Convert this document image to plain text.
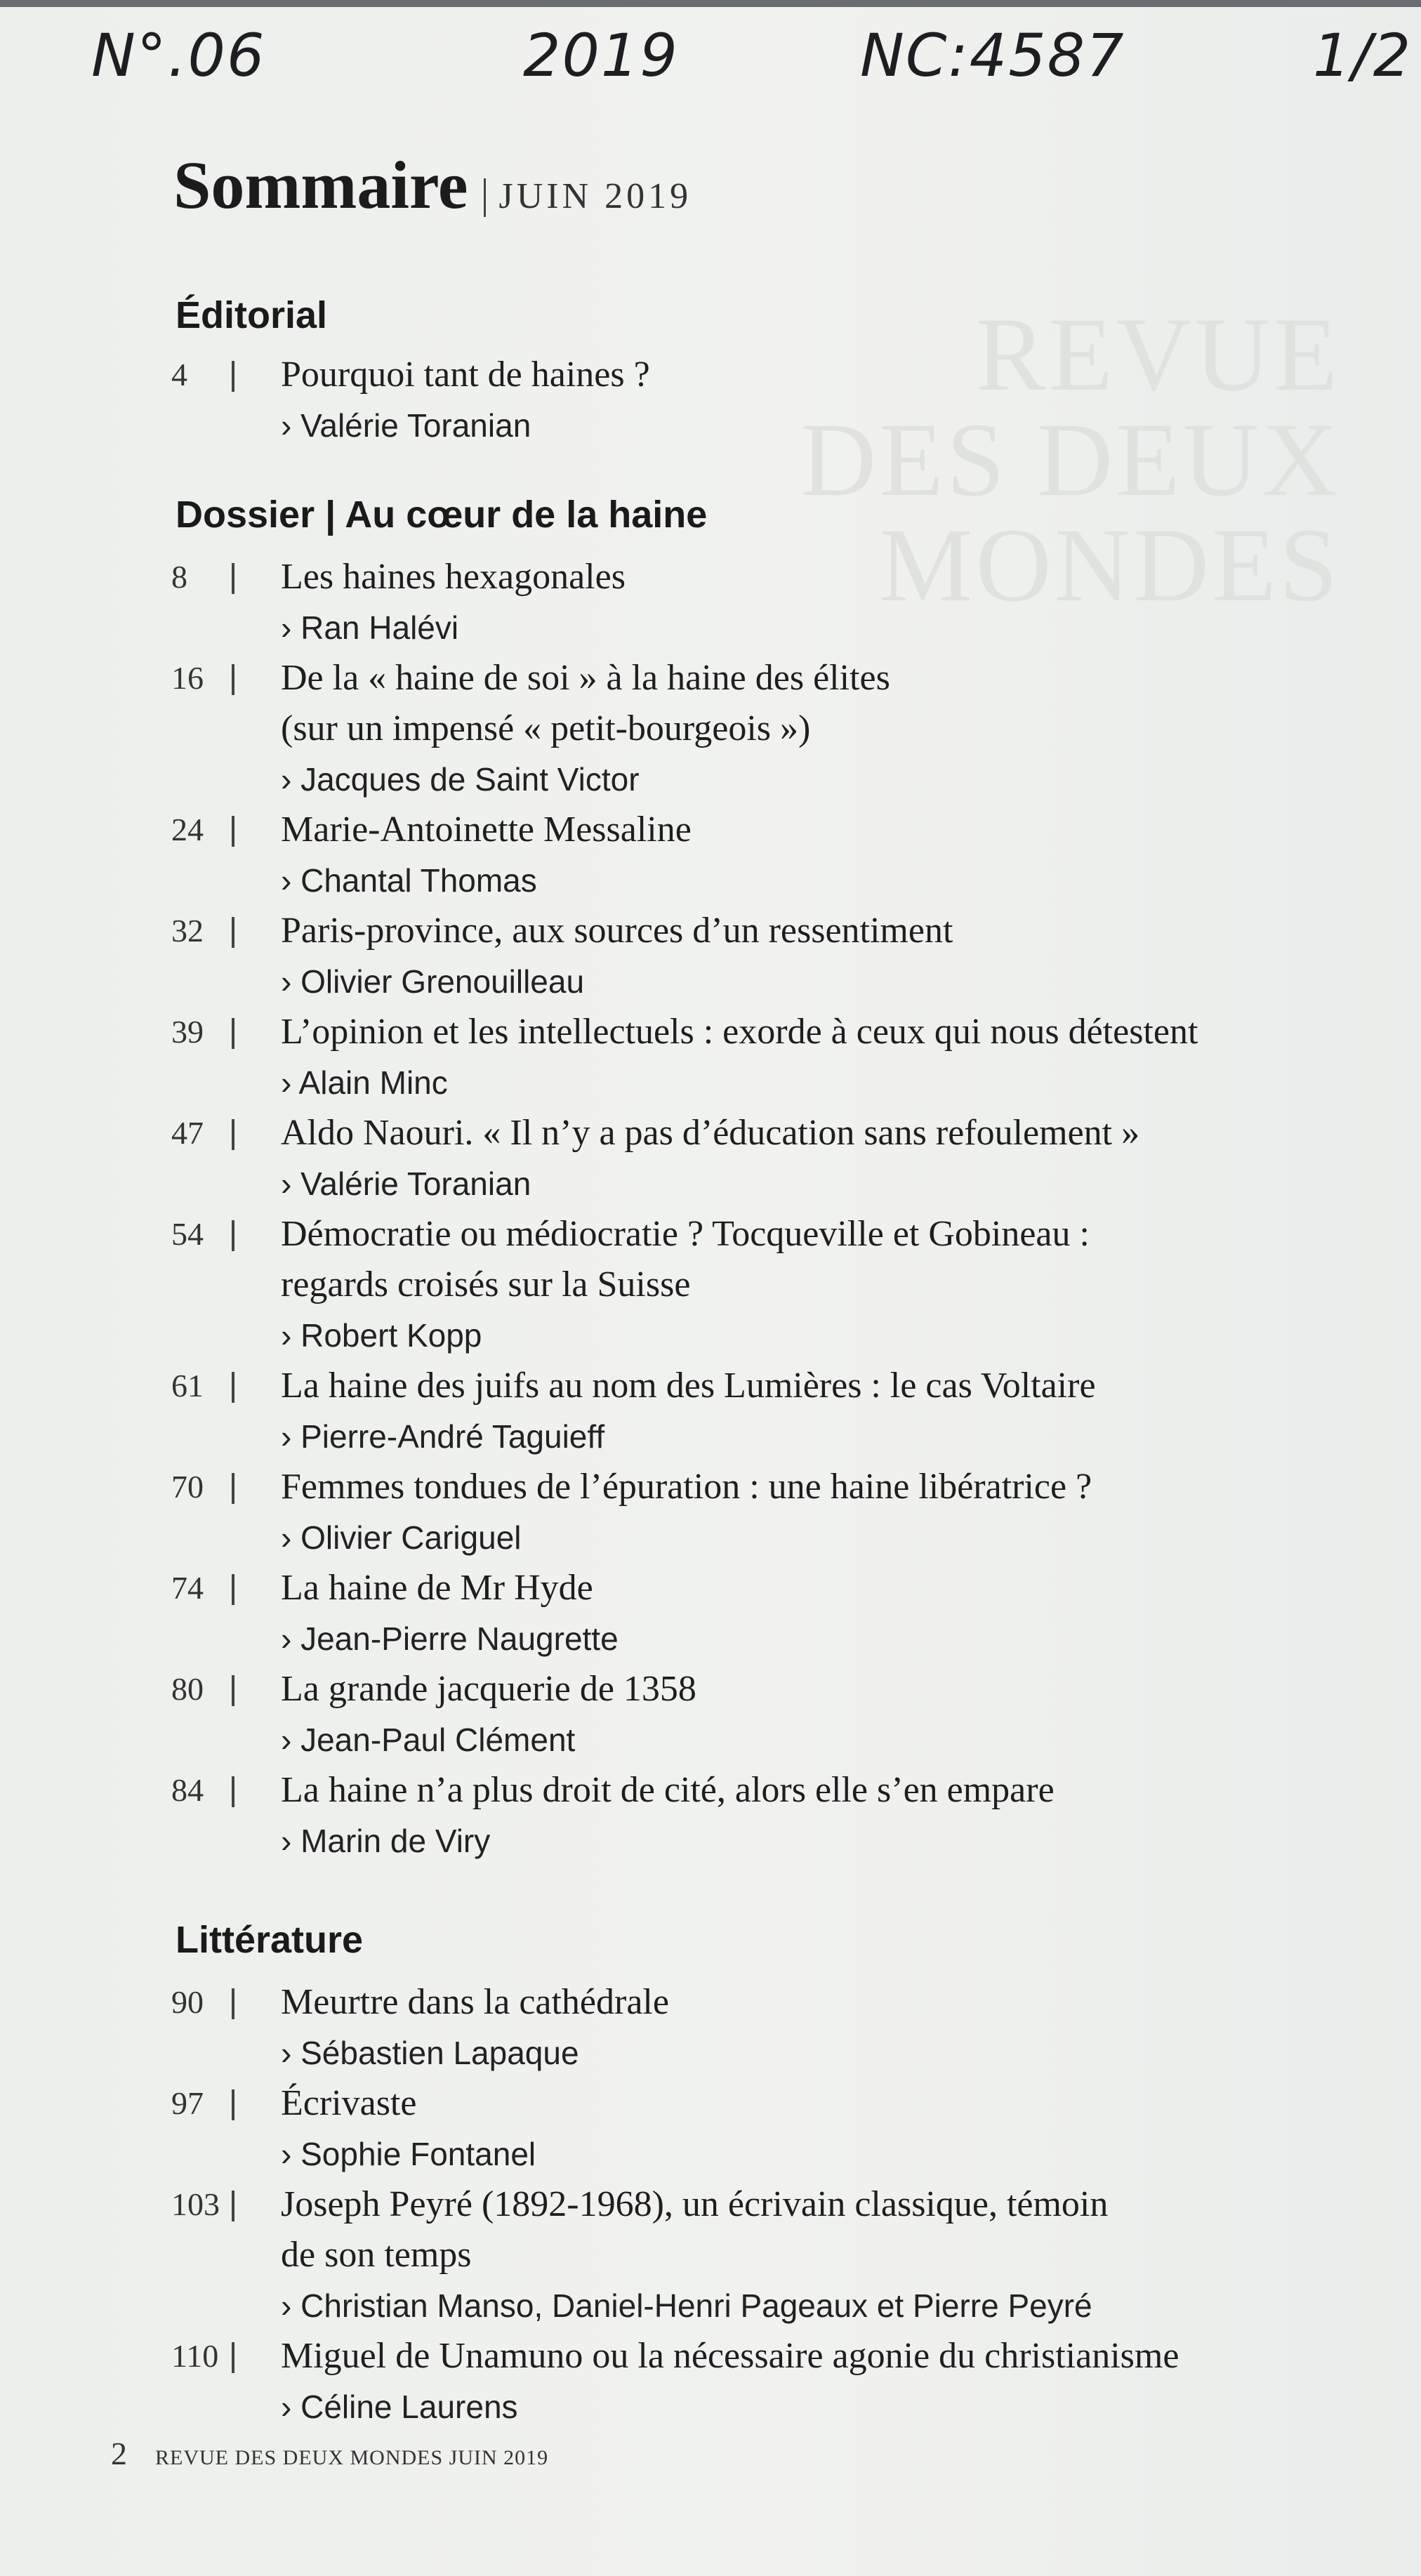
N°.06	2019	NC:4587	1/2
REVUE
DES DEUX
MONDES
Sommaire | JUIN 2019
Éditorial
4	Pourquoi tant de haines ?
› Valérie Toranian
Dossier | Au cœur de la haine
8	Les haines hexagonales
› Ran Halévi
16 De la « haine de soi » à la haine des élites
(sur un impensé « petit-bourgeois »)
› Jacques de Saint Victor
24 Marie-Antoinette Messaline
› Chantal Thomas
32 Paris-province, aux sources d’un ressentiment
› Olivier Grenouilleau
39 L’opinion et les intellectuels : exorde à ceux qui nous détestent
› Alain Minc
47 Aldo Naouri. « Il n’y a pas d’éducation sans refoulement »
› Valérie Toranian
54 Démocratie ou médiocratie ? Tocqueville et Gobineau :
regards croisés sur la Suisse
› Robert Kopp
61 La haine des juifs au nom des Lumières : le cas Voltaire
› Pierre-André Taguieff
70 Femmes tondues de l’épuration : une haine libératrice ?
› Olivier Cariguel
74 La haine de Mr Hyde
› Jean-Pierre Naugrette
80 La grande jacquerie de 1358
› Jean-Paul Clément
84 La haine n’a plus droit de cité, alors elle s’en empare
› Marin de Viry
Littérature
90 Meurtre dans la cathédrale
› Sébastien Lapaque
97 Écrivaste
› Sophie Fontanel
103 Joseph Peyré (1892-1968), un écrivain classique, témoin
de son temps
› Christian Manso, Daniel-Henri Pageaux et Pierre Peyré
110 Miguel de Unamuno ou la nécessaire agonie du christianisme
› Céline Laurens
2 REVUE DES DEUX MONDES JUIN 2019
